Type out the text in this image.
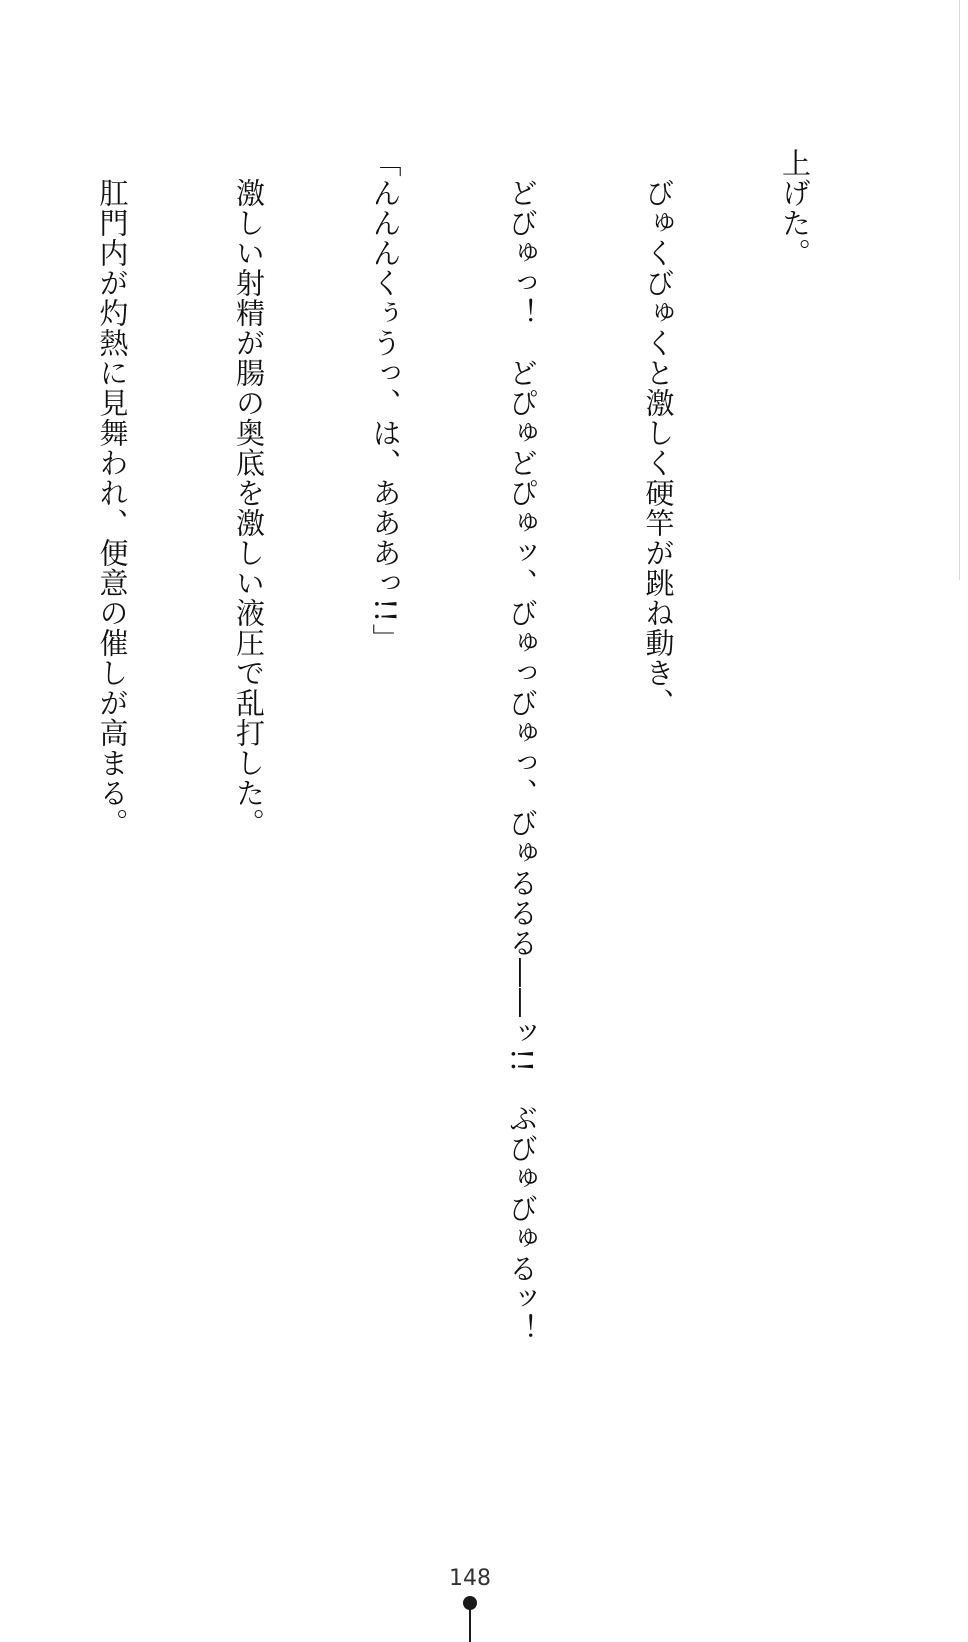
上げた。

　びゅくびゅくと激しく硬竿が跳ね動き、

　どびゅっ！　どぴゅどぴゅッ、びゅっびゅっ、びゅるるる――ッ!!　ぶびゅびゅるッ！

「んんんくぅうっ、は、あああっ!!」

　激しい射精が腸の奥底を激しい液圧で乱打した。

　肛門内が灼熱に見舞われ、便意の催しが高まる。

148
